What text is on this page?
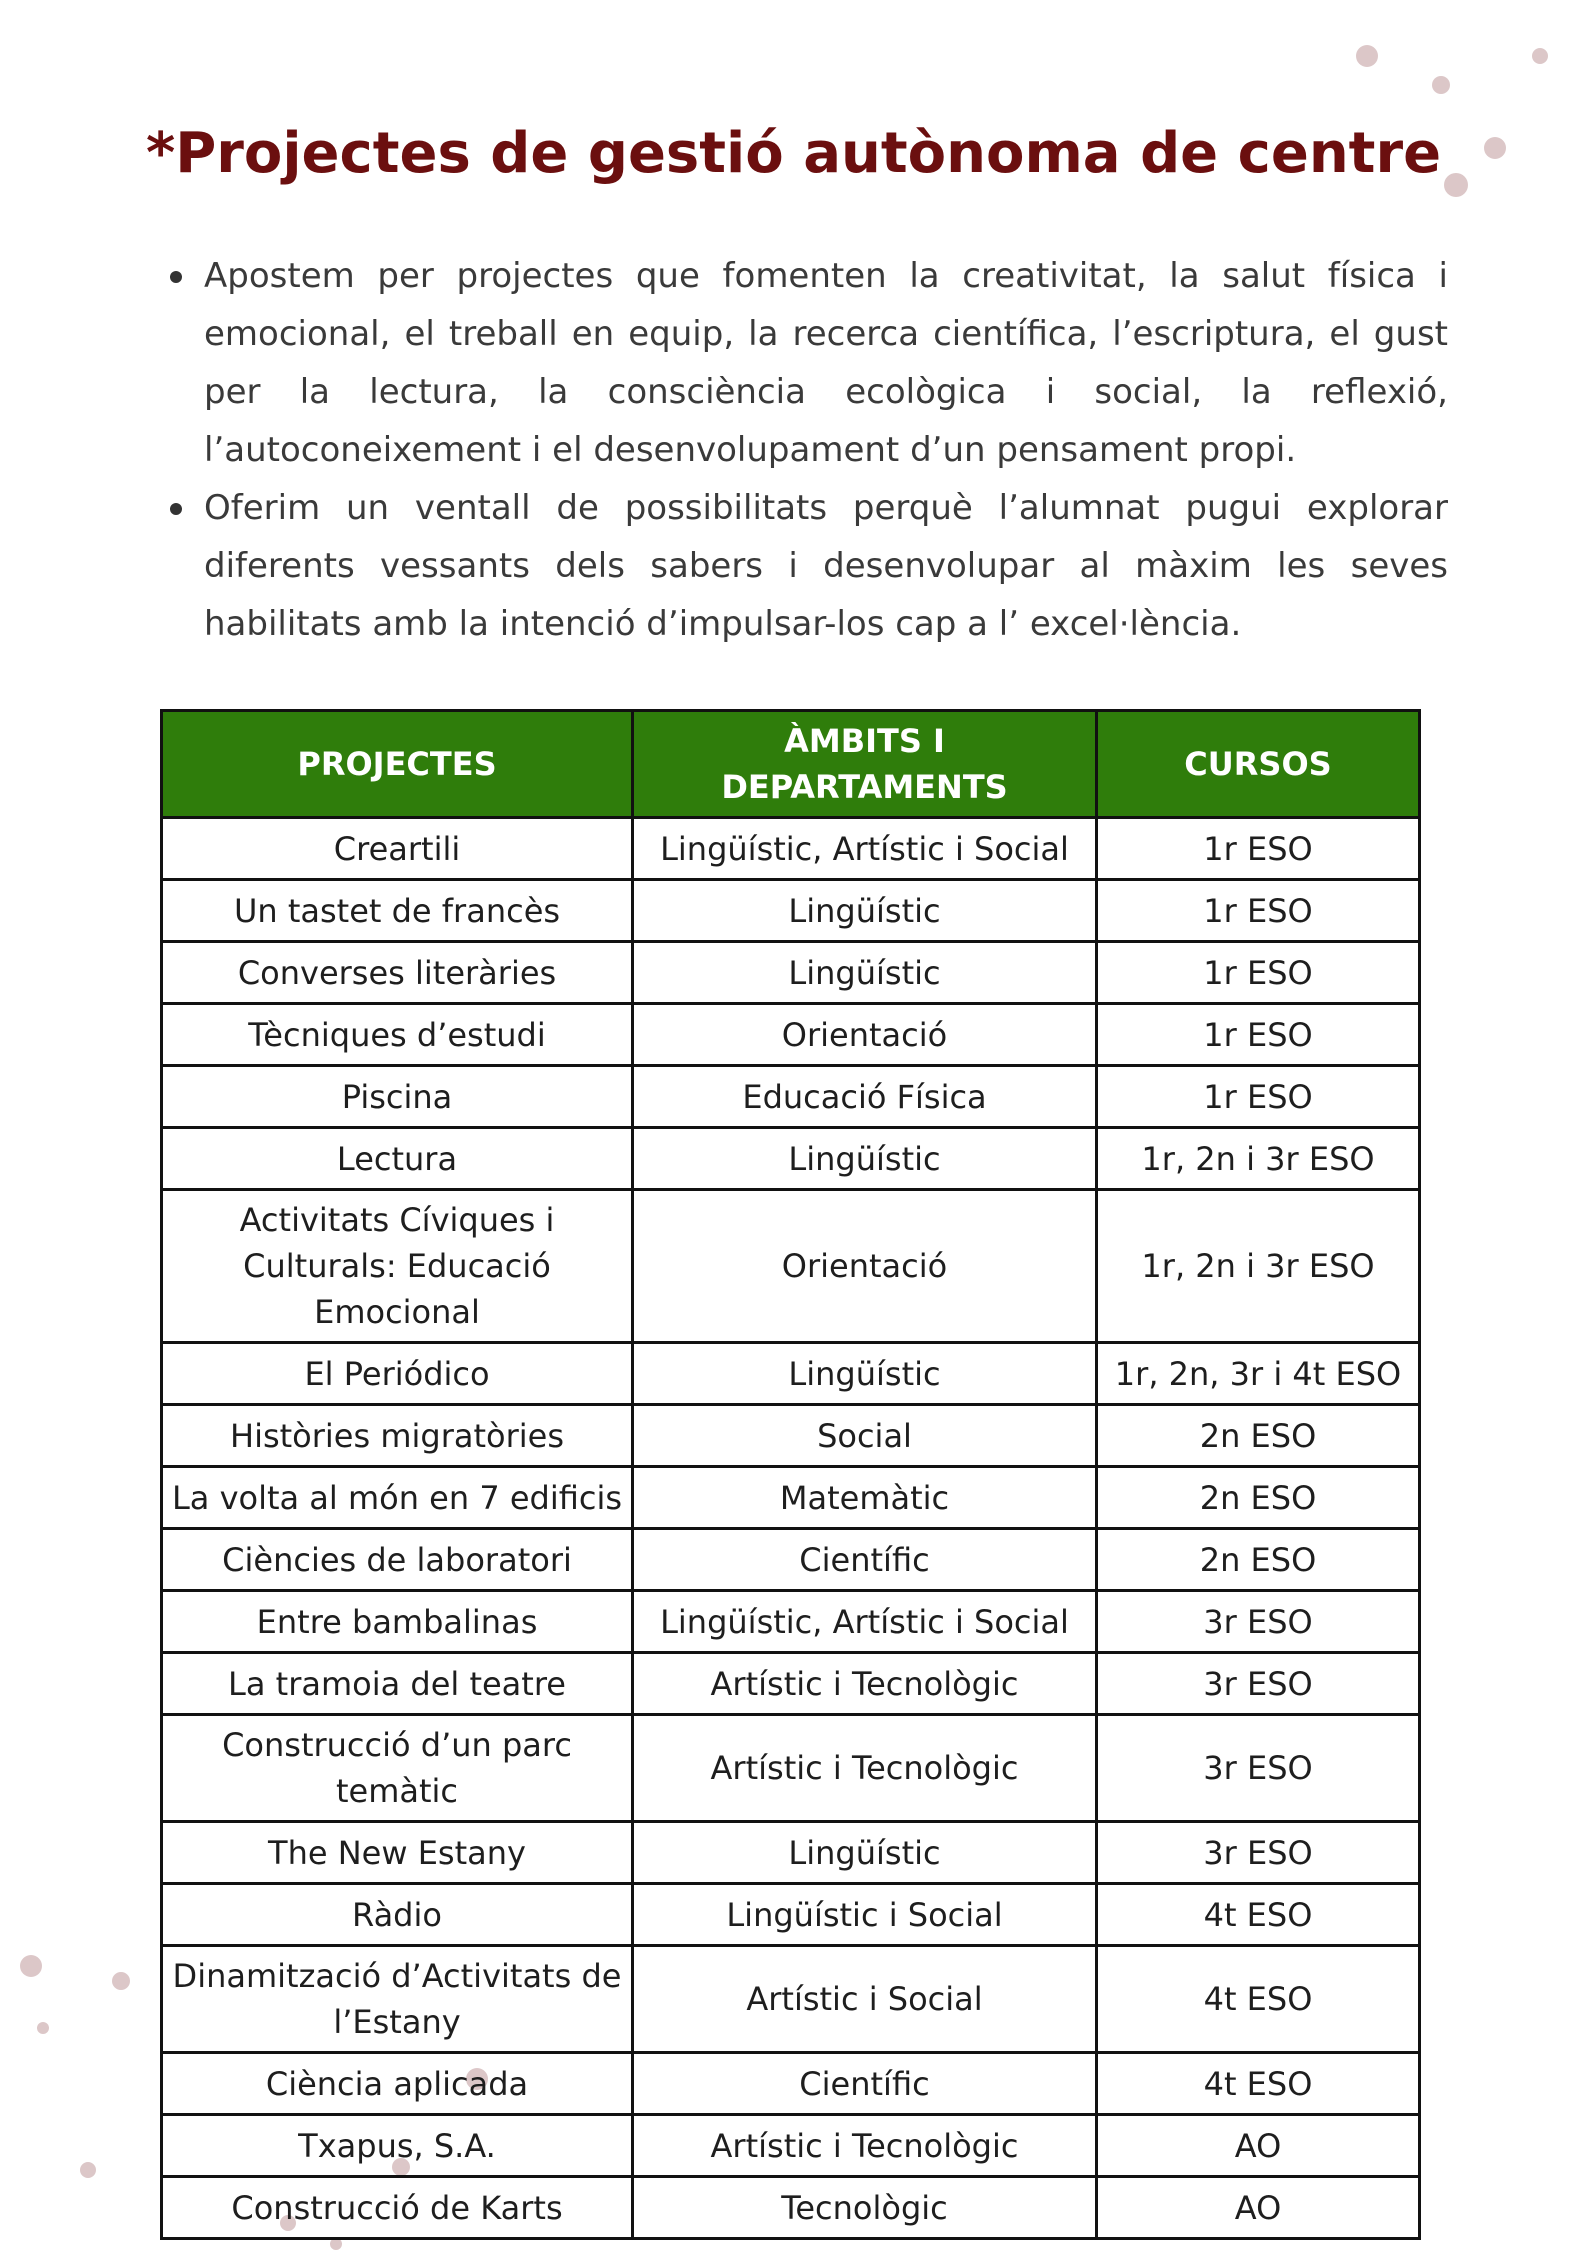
*Projectes de gestió autònoma de centre
Apostem per projectes que fomenten la creativitat, la salut física i emocional, el treball en equip, la recerca científica, l’escriptura, el gust per la lectura, la consciència ecològica i social, la reflexió, l’autoconeixement i el desenvolupament d’un pensament propi.
Oferim un ventall de possibilitats perquè l’alumnat pugui explorar diferents vessants dels sabers i desenvolupar al màxim les seves habilitats amb la intenció d’impulsar-los cap a l’ excel·lència.
PROJECTES	ÀMBITS I DEPARTAMENTS	CURSOS
Creartili	Lingüístic, Artístic i Social	1r ESO
Un tastet de francès	Lingüístic	1r ESO
Converses literàries	Lingüístic	1r ESO
Tècniques d’estudi	Orientació	1r ESO
Piscina	Educació Física	1r ESO
Lectura	Lingüístic	1r, 2n i 3r ESO
Activitats Cíviques i Culturals: Educació Emocional	Orientació	1r, 2n i 3r ESO
El Periódico	Lingüístic	1r, 2n, 3r i 4t ESO
Històries migratòries	Social	2n ESO
La volta al món en 7 edificis	Matemàtic	2n ESO
Ciències de laboratori	Científic	2n ESO
Entre bambalinas	Lingüístic, Artístic i Social	3r ESO
La tramoia del teatre	Artístic i Tecnològic	3r ESO
Construcció d’un parc temàtic	Artístic i Tecnològic	3r ESO
The New Estany	Lingüístic	3r ESO
Ràdio	Lingüístic i Social	4t ESO
Dinamització d’Activitats de l’Estany	Artístic i Social	4t ESO
Ciència aplicada	Científic	4t ESO
Txapus, S.A.	Artístic i Tecnològic	AO
Construcció de Karts	Tecnològic	AO
